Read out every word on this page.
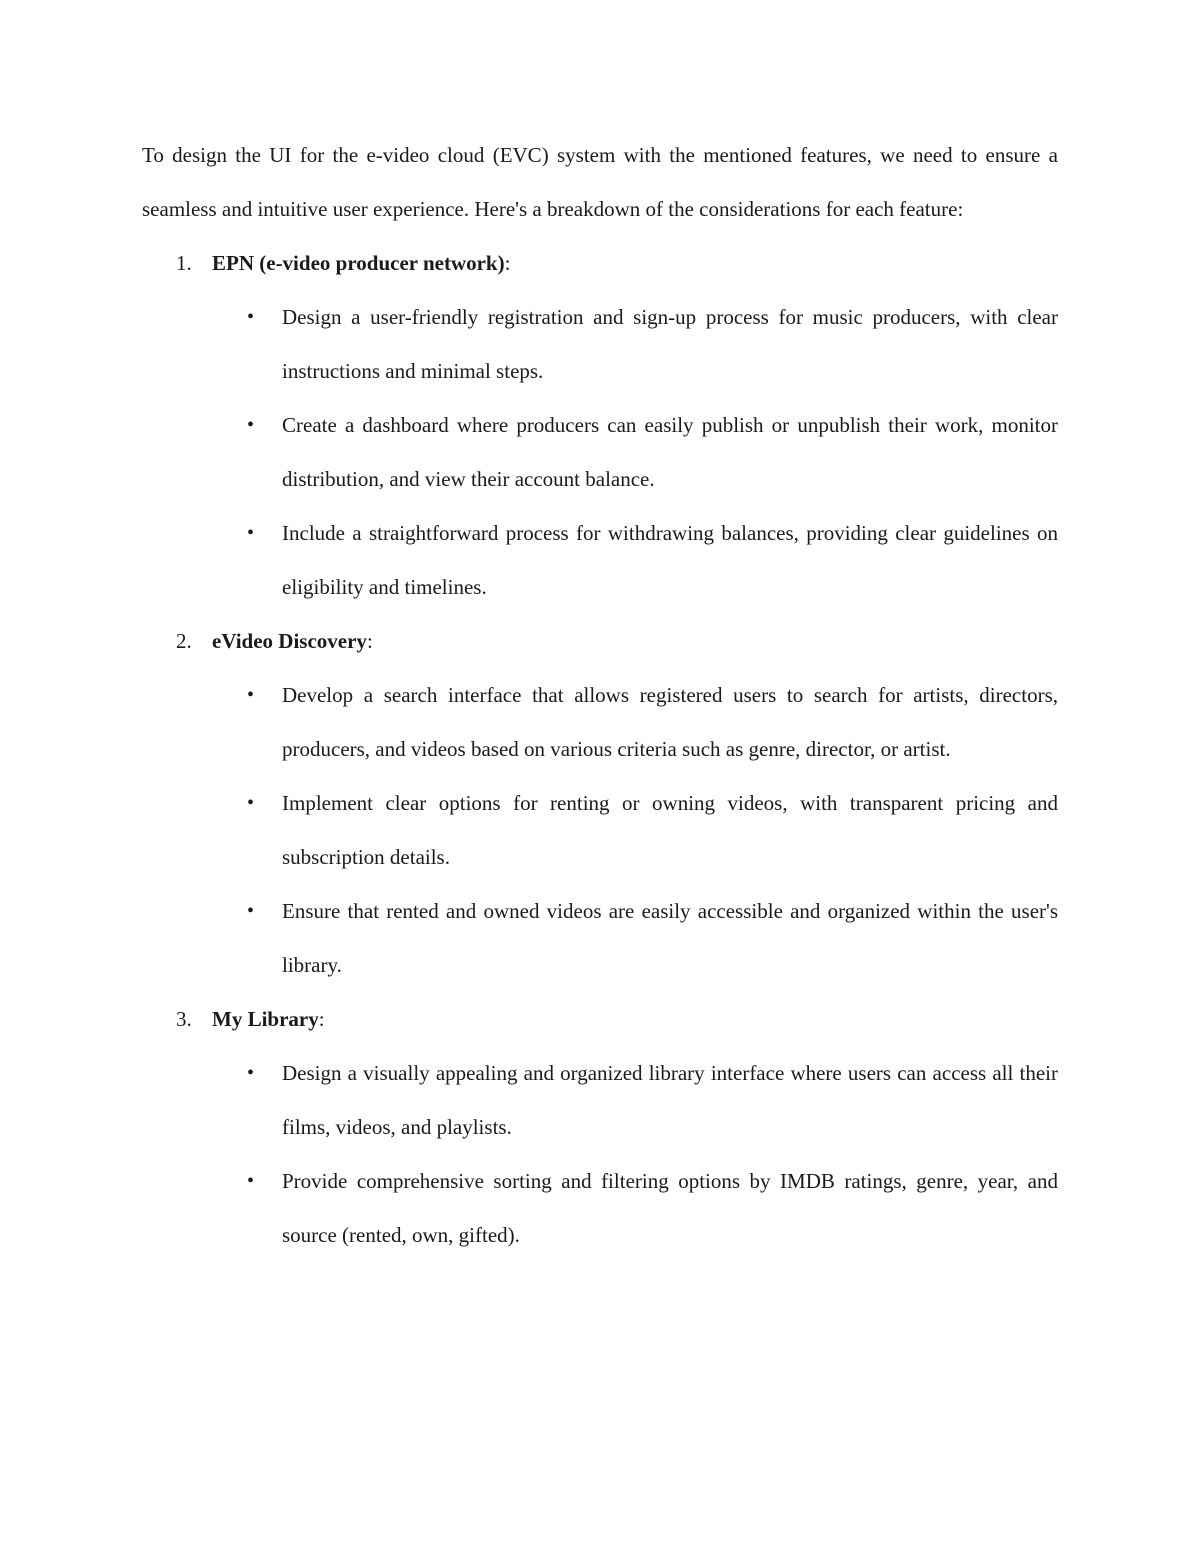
To design the UI for the e-video cloud (EVC) system with the mentioned features, we need to ensure a seamless and intuitive user experience. Here's a breakdown of the considerations for each feature:

1. EPN (e-video producer network):

• Design a user-friendly registration and sign-up process for music producers, with clear instructions and minimal steps.
• Create a dashboard where producers can easily publish or unpublish their work, monitor distribution, and view their account balance.
• Include a straightforward process for withdrawing balances, providing clear guidelines on eligibility and timelines.

2. eVideo Discovery:

• Develop a search interface that allows registered users to search for artists, directors, producers, and videos based on various criteria such as genre, director, or artist.
• Implement clear options for renting or owning videos, with transparent pricing and subscription details.
• Ensure that rented and owned videos are easily accessible and organized within the user's library.

3. My Library:

• Design a visually appealing and organized library interface where users can access all their films, videos, and playlists.
• Provide comprehensive sorting and filtering options by IMDB ratings, genre, year, and source (rented, own, gifted).
